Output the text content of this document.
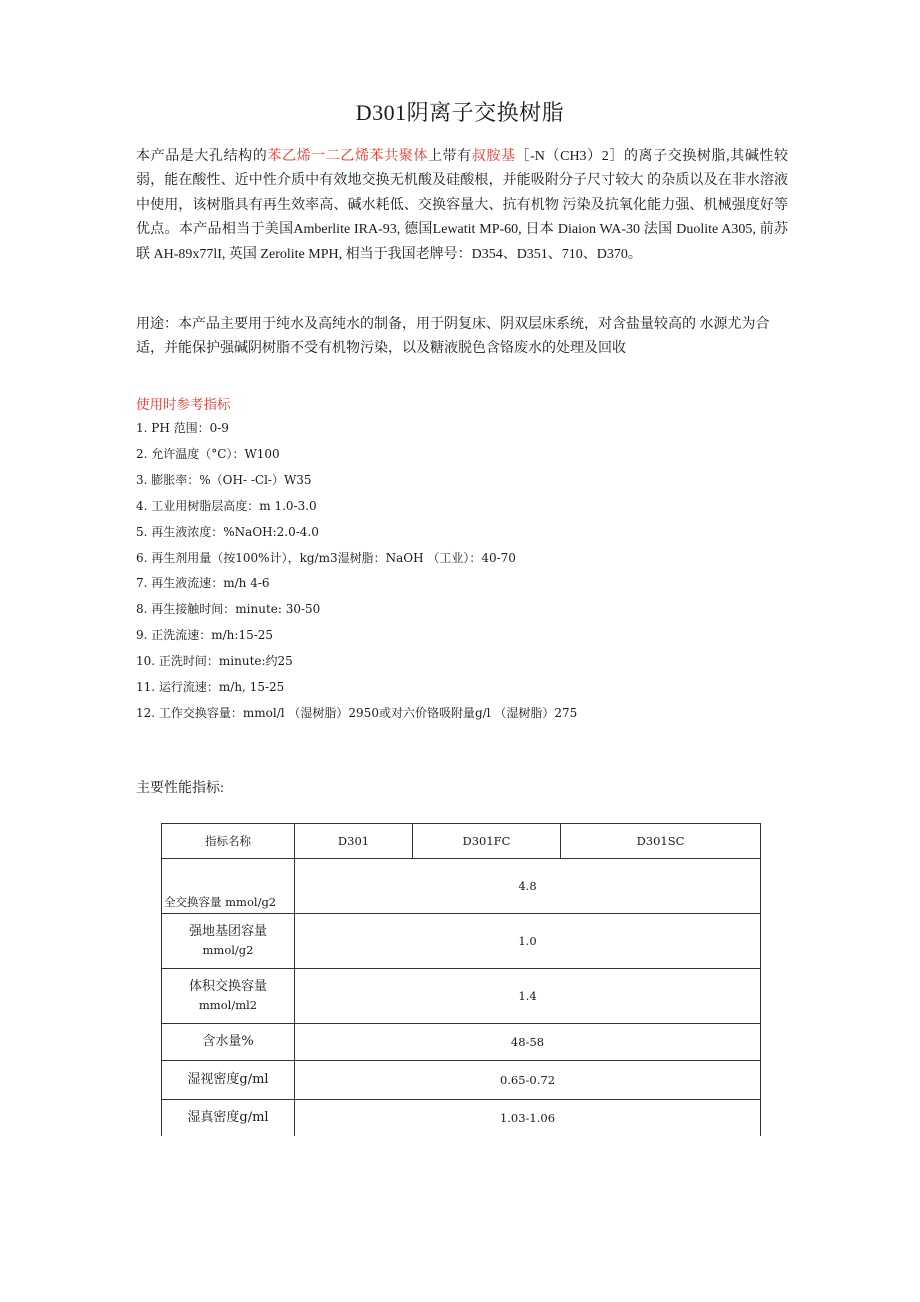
D301阴离子交换树脂
本产品是大孔结构的苯乙烯一二乙烯苯共聚体上带有叔胺基［-N（CH3）2］的离子交换树脂,其碱性较弱，能在酸性、近中性介质中有效地交换无机酸及硅酸根，并能吸附分子尺寸较大 的杂质以及在非水溶液中使用，该树脂具有再生效率高、碱水耗低、交换容量大、抗有机物 污染及抗氧化能力强、机械强度好等优点。本产品相当于美国Amberlite IRA-93, 德国Lewatit MP-60, 日本 Diaion WA-30 法国 Duolite A305, 前苏联 AH-89x77lI, 英国 Zerolite MPH, 相当于我国老牌号：D354、D351、710、D370。
用途：本产品主要用于纯水及高纯水的制备，用于阴复床、阴双层床系统，对含盐量较高的 水源尤为合适，并能保护强碱阴树脂不受有机物污染，以及糖液脱色含铬废水的处理及回收
使用时参考指标
1. PH 范围：0-9
2. 允许温度（°C）：W100
3. 膨胀率：%（OH- -Cl-）W35
4. 工业用树脂层高度：m 1.0-3.0
5. 再生液浓度：%NaOH:2.0-4.0
6. 再生剂用量（按100%计），kg/m3湿树脂：NaOH （工业）：40-70
7. 再生液流速：m/h 4-6
8. 再生接触时间：minute: 30-50
9. 正洗流速：m/h:15-25
10. 正洗时间：minute:约25
11. 运行流速：m/h, 15-25
12. 工作交换容量：mmol/l （湿树脂）2950或对六价铬吸附量g/l （湿树脂）275
主要性能指标:
指标名称	D301	D301FC	D301SC
全交换容量 mmol/g2	4.8		

强地基团容量
mmol/g2	1.0		

体积交换容量
mmol/ml2	1.4		
含水量%	48-58		
湿视密度g/ml	0.65-0.72		
湿真密度g/ml	1.03-1.06		
